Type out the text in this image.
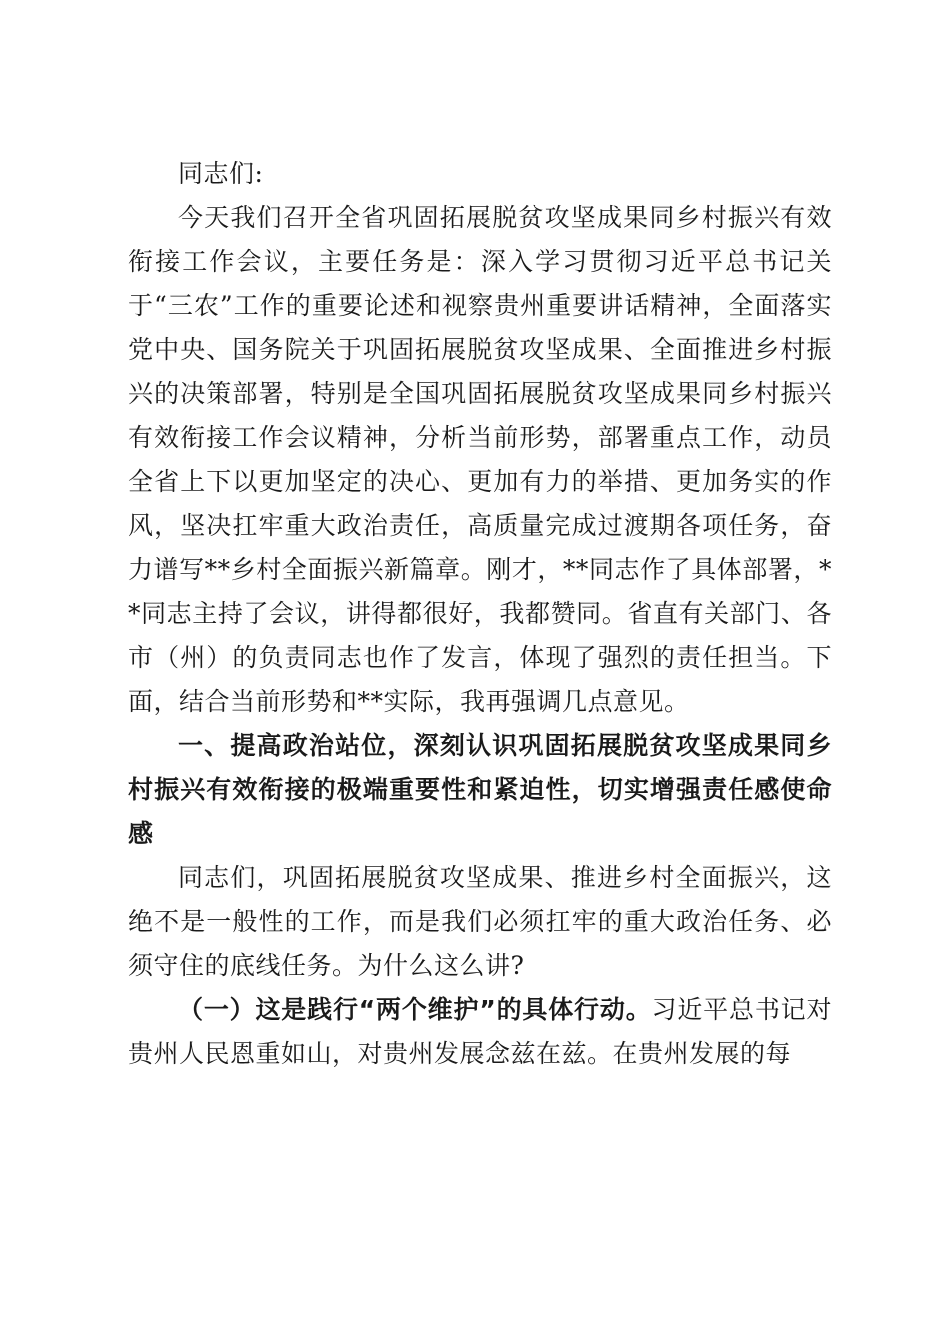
同志们:

今天我们召开全省巩固拓展脱贫攻坚成果同乡村振兴有效衔接工作会议，主要任务是：深入学习贯彻习近平总书记关于“三农”工作的重要论述和视察贵州重要讲话精神，全面落实党中央、国务院关于巩固拓展脱贫攻坚成果、全面推进乡村振兴的决策部署，特别是全国巩固拓展脱贫攻坚成果同乡村振兴有效衔接工作会议精神，分析当前形势，部署重点工作，动员全省上下以更加坚定的决心、更加有力的举措、更加务实的作风，坚决扛牢重大政治责任，高质量完成过渡期各项任务，奋力谱写**乡村全面振兴新篇章。刚才，**同志作了具体部署，**同志主持了会议，讲得都很好，我都赞同。省直有关部门、各市（州）的负责同志也作了发言，体现了强烈的责任担当。下面，结合当前形势和**实际，我再强调几点意见。

一、提高政治站位，深刻认识巩固拓展脱贫攻坚成果同乡村振兴有效衔接的极端重要性和紧迫性，切实增强责任感使命感

同志们，巩固拓展脱贫攻坚成果、推进乡村全面振兴，这绝不是一般性的工作，而是我们必须扛牢的重大政治任务、必须守住的底线任务。为什么这么讲?

（一）这是践行“两个维护”的具体行动。习近平总书记对贵州人民恩重如山，对贵州发展念兹在兹。在贵州发展的每
